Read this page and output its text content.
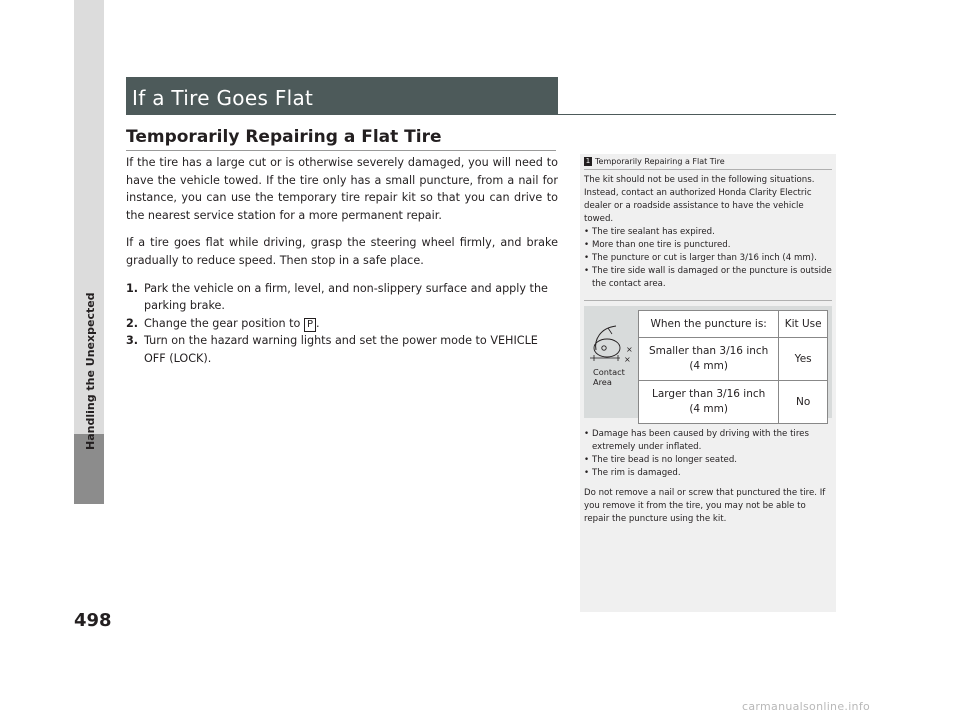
Handling the Unexpected
498
If a Tire Goes Flat
Temporarily Repairing a Flat Tire

If the tire has a large cut or is otherwise severely damaged, you will need to have the vehicle towed. If the tire only has a small puncture, from a nail for instance, you can use the temporary tire repair kit so that you can drive to the nearest service station for a more permanent repair.

If a tire goes flat while driving, grasp the steering wheel firmly, and brake gradually to reduce speed. Then stop in a safe place.

1. Park the vehicle on a firm, level, and non-slippery surface and apply the parking brake.
2. Change the gear position to P .
3. Turn on the hazard warning lights and set the power mode to VEHICLE OFF (LOCK).
1 Temporarily Repairing a Flat Tire
The kit should not be used in the following situations. Instead, contact an authorized Honda Clarity Electric dealer or a roadside assistance to have the vehicle towed.
• The tire sealant has expired.
• More than one tire is punctured.
• The puncture or cut is larger than 3/16 inch (4 mm).
• The tire side wall is damaged or the puncture is outside the contact area.
×
×
Contact
Area
When the puncture is:	Kit Use

Smaller than 3/16 inch
(4 mm)	Yes

Larger than 3/16 inch
(4 mm)	No
• Damage has been caused by driving with the tires extremely under inflated.
• The tire bead is no longer seated.
• The rim is damaged.

Do not remove a nail or screw that punctured the tire. If you remove it from the tire, you may not be able to repair the puncture using the kit.

carmanualsonline.info
